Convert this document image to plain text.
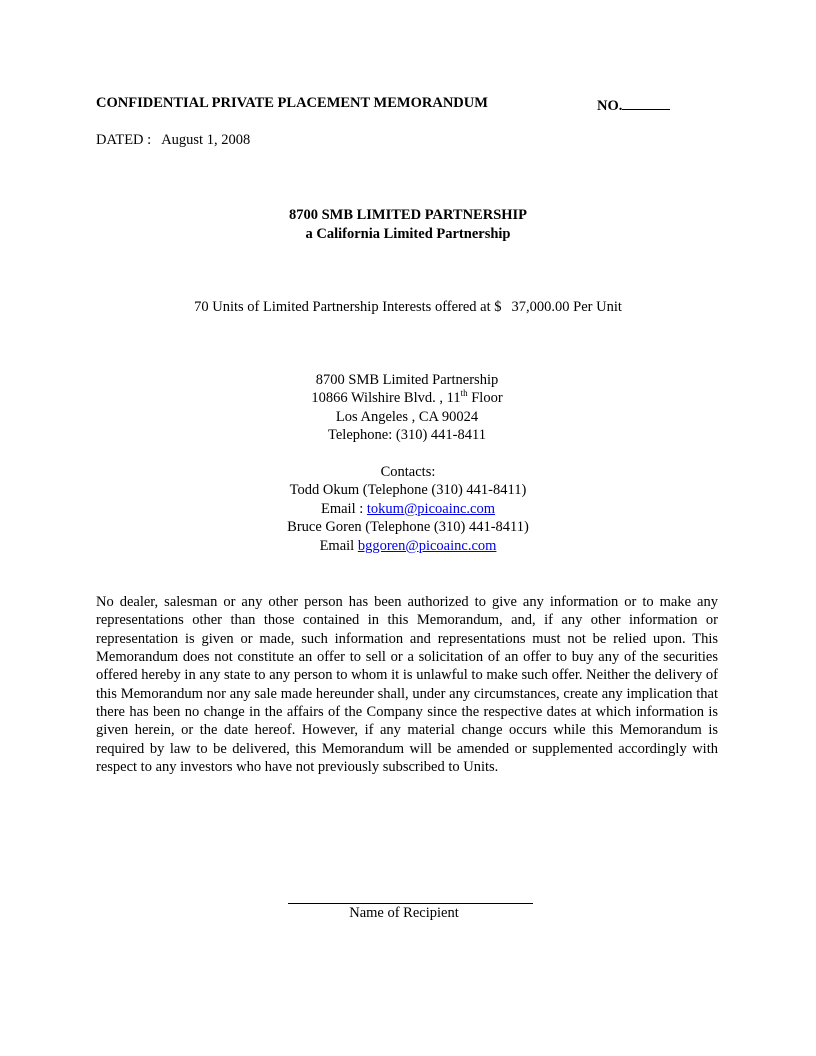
CONFIDENTIAL PRIVATE PLACEMENT MEMORANDUM	NO.
DATED : August 1, 2008
8700 SMB LIMITED PARTNERSHIP
a California Limited Partnership
70 Units of Limited Partnership Interests offered at $ 37,000.00 Per Unit
8700 SMB Limited Partnership
10866 Wilshire Blvd. , 11th Floor
Los Angeles , CA 90024
Telephone: (310) 441-8411
Contacts:
Todd Okum (Telephone (310) 441-8411)
Email : tokum@picoainc.com
Bruce Goren (Telephone (310) 441-8411)
Email bggoren@picoainc.com
No dealer, salesman or any other person has been authorized to give any information or to make any representations other than those contained in this Memorandum, and, if any other information or representation is given or made, such information and representations must not be relied upon. This Memorandum does not constitute an offer to sell or a solicitation of an offer to buy any of the securities offered hereby in any state to any person to whom it is unlawful to make such offer. Neither the delivery of this Memorandum nor any sale made hereunder shall, under any circumstances, create any implication that there has been no change in the affairs of the Company since the respective dates at which information is given herein, or the date hereof. However, if any material change occurs while this Memorandum is required by law to be delivered, this Memorandum will be amended or supplemented accordingly with respect to any investors who have not previously subscribed to Units.
Name of Recipient
